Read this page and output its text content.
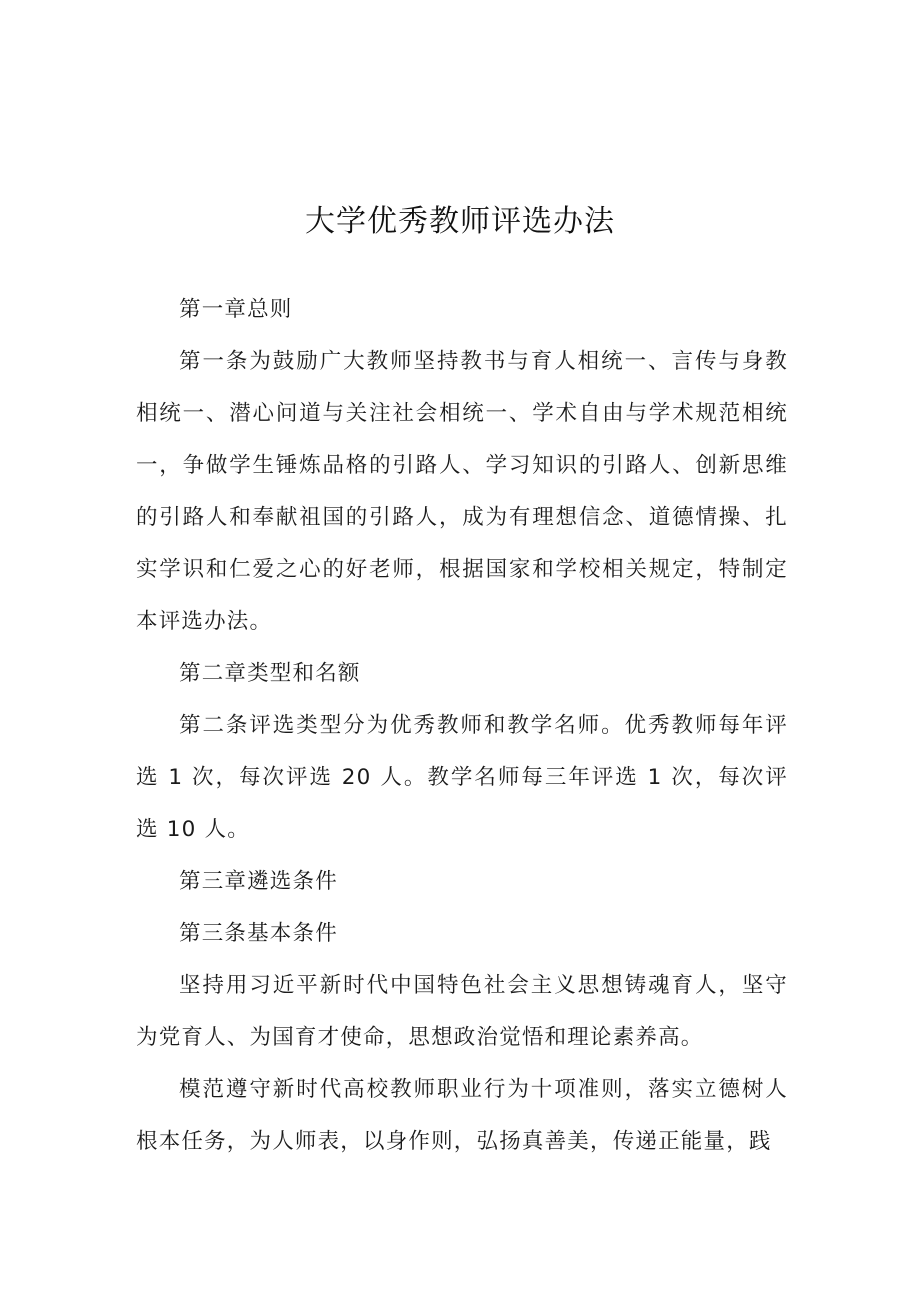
大学优秀教师评选办法

第一章总则

第一条为鼓励广大教师坚持教书与育人相统一、言传与身教相统一、潜心问道与关注社会相统一、学术自由与学术规范相统一，争做学生锤炼品格的引路人、学习知识的引路人、创新思维的引路人和奉献祖国的引路人，成为有理想信念、道德情操、扎实学识和仁爱之心的好老师，根据国家和学校相关规定，特制定本评选办法。

第二章类型和名额

第二条评选类型分为优秀教师和教学名师。优秀教师每年评选 1 次，每次评选 20 人。教学名师每三年评选 1 次，每次评选 10 人。

第三章遴选条件

第三条基本条件

坚持用习近平新时代中国特色社会主义思想铸魂育人，坚守为党育人、为国育才使命，思想政治觉悟和理论素养高。

模范遵守新时代高校教师职业行为十项准则，落实立德树人根本任务，为人师表，以身作则，弘扬真善美，传递正能量，践
